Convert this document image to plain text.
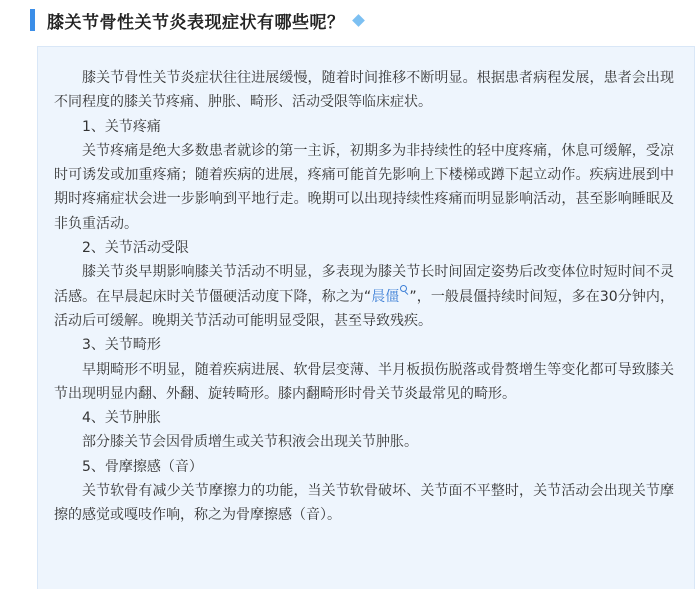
膝关节骨性关节炎表现症状有哪些呢？

膝关节骨性关节炎症状往往进展缓慢，随着时间推移不断明显。根据患者病程发展，患者会出现不同程度的膝关节疼痛、肿胀、畸形、活动受限等临床症状。

1、关节疼痛

关节疼痛是绝大多数患者就诊的第一主诉，初期多为非持续性的轻中度疼痛，休息可缓解，受凉时可诱发或加重疼痛；随着疾病的进展，疼痛可能首先影响上下楼梯或蹲下起立动作。疾病进展到中期时疼痛症状会进一步影响到平地行走。晚期可以出现持续性疼痛而明显影响活动，甚至影响睡眠及非负重活动。

2、关节活动受限

膝关节炎早期影响膝关节活动不明显，多表现为膝关节长时间固定姿势后改变体位时短时间不灵活感。在早晨起床时关节僵硬活动度下降，称之为“晨僵 ”，一般晨僵持续时间短，多在30分钟内，活动后可缓解。晚期关节活动可能明显受限，甚至导致残疾。

3、关节畸形

早期畸形不明显，随着疾病进展、软骨层变薄、半月板损伤脱落或骨赘增生等变化都可导致膝关节出现明显内翻、外翻、旋转畸形。膝内翻畸形时骨关节炎最常见的畸形。

4、关节肿胀

部分膝关节会因骨质增生或关节积液会出现关节肿胀。

5、骨摩擦感（音）

关节软骨有减少关节摩擦力的功能，当关节软骨破坏、关节面不平整时，关节活动会出现关节摩擦的感觉或嘎吱作响，称之为骨摩擦感（音）。
